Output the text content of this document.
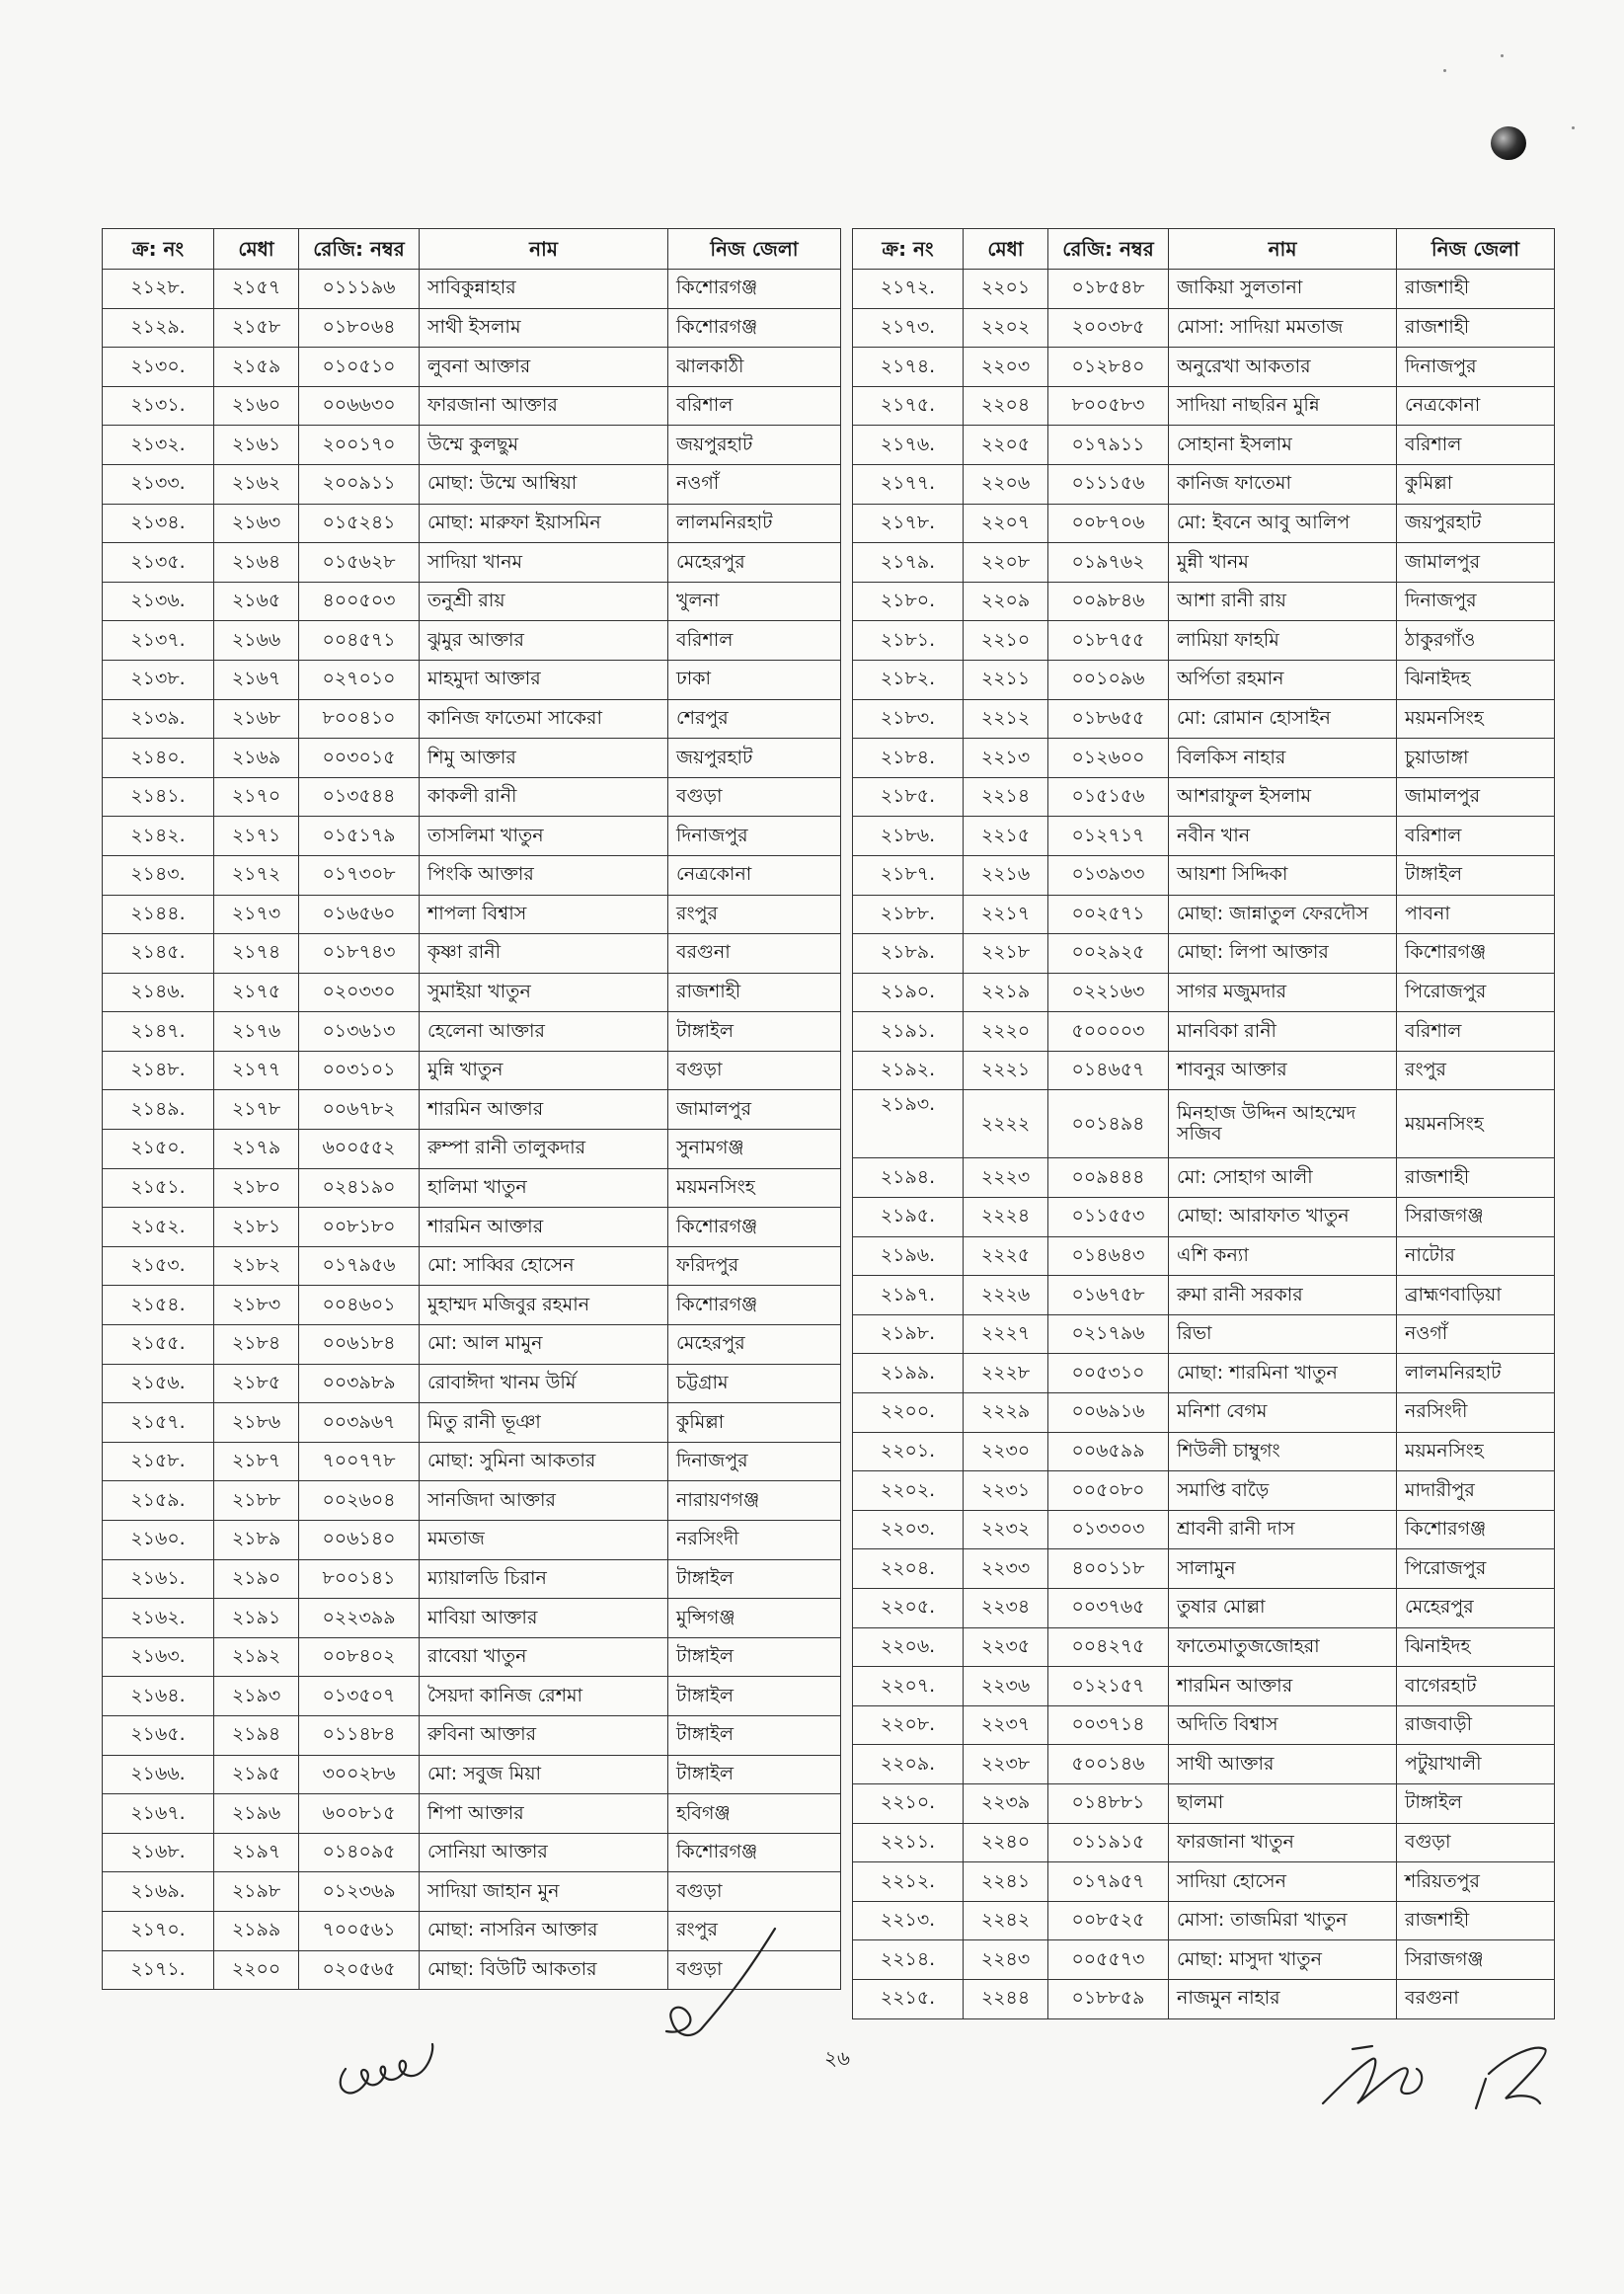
ক্র: নং	মেধা	রেজি: নম্বর	নাম	নিজ জেলা
২১২৮.	২১৫৭	০১১১৯৬	সাবিকুন্নাহার	কিশোরগঞ্জ
২১২৯.	২১৫৮	০১৮০৬৪	সাথী ইসলাম	কিশোরগঞ্জ
২১৩০.	২১৫৯	০১০৫১০	লুবনা আক্তার	ঝালকাঠী
২১৩১.	২১৬০	০০৬৬৩০	ফারজানা আক্তার	বরিশাল
২১৩২.	২১৬১	২০০১৭০	উম্মে কুলছুম	জয়পুরহাট
২১৩৩.	২১৬২	২০০৯১১	মোছা: উম্মে আম্বিয়া	নওগাঁ
২১৩৪.	২১৬৩	০১৫২৪১	মোছা: মারুফা ইয়াসমিন	লালমনিরহাট
২১৩৫.	২১৬৪	০১৫৬২৮	সাদিয়া খানম	মেহেরপুর
২১৩৬.	২১৬৫	৪০০৫০৩	তনুশ্রী রায়	খুলনা
২১৩৭.	২১৬৬	০০৪৫৭১	ঝুমুর আক্তার	বরিশাল
২১৩৮.	২১৬৭	০২৭০১০	মাহমুদা আক্তার	ঢাকা
২১৩৯.	২১৬৮	৮০০৪১০	কানিজ ফাতেমা সাকেরা	শেরপুর
২১৪০.	২১৬৯	০০৩০১৫	শিমু আক্তার	জয়পুরহাট
২১৪১.	২১৭০	০১৩৫৪৪	কাকলী রানী	বগুড়া
২১৪২.	২১৭১	০১৫১৭৯	তাসলিমা খাতুন	দিনাজপুর
২১৪৩.	২১৭২	০১৭৩০৮	পিংকি আক্তার	নেত্রকোনা
২১৪৪.	২১৭৩	০১৬৫৬০	শাপলা বিশ্বাস	রংপুর
২১৪৫.	২১৭৪	০১৮৭৪৩	কৃষ্ণা রানী	বরগুনা
২১৪৬.	২১৭৫	০২০৩৩০	সুমাইয়া খাতুন	রাজশাহী
২১৪৭.	২১৭৬	০১৩৬১৩	হেলেনা আক্তার	টাঙ্গাইল
২১৪৮.	২১৭৭	০০৩১০১	মুন্নি খাতুন	বগুড়া
২১৪৯.	২১৭৮	০০৬৭৮২	শারমিন আক্তার	জামালপুর
২১৫০.	২১৭৯	৬০০৫৫২	রুম্পা রানী তালুকদার	সুনামগঞ্জ
২১৫১.	২১৮০	০২৪১৯০	হালিমা খাতুন	ময়মনসিংহ
২১৫২.	২১৮১	০০৮১৮০	শারমিন আক্তার	কিশোরগঞ্জ
২১৫৩.	২১৮২	০১৭৯৫৬	মো: সাব্বির হোসেন	ফরিদপুর
২১৫৪.	২১৮৩	০০৪৬০১	মুহাম্মদ মজিবুর রহমান	কিশোরগঞ্জ
২১৫৫.	২১৮৪	০০৬১৮৪	মো: আল মামুন	মেহেরপুর
২১৫৬.	২১৮৫	০০৩৯৮৯	রোবাঈদা খানম উর্মি	চট্টগ্রাম
২১৫৭.	২১৮৬	০০৩৯৬৭	মিতু রানী ভূঞা	কুমিল্লা
২১৫৮.	২১৮৭	৭০০৭৭৮	মোছা: সুমিনা আকতার	দিনাজপুর
২১৫৯.	২১৮৮	০০২৬০৪	সানজিদা আক্তার	নারায়ণগঞ্জ
২১৬০.	২১৮৯	০০৬১৪০	মমতাজ	নরসিংদী
২১৬১.	২১৯০	৮০০১৪১	ম্যায়ালডি চিরান	টাঙ্গাইল
২১৬২.	২১৯১	০২২৩৯৯	মাবিয়া আক্তার	মুন্সিগঞ্জ
২১৬৩.	২১৯২	০০৮৪০২	রাবেয়া খাতুন	টাঙ্গাইল
২১৬৪.	২১৯৩	০১৩৫০৭	সৈয়দা কানিজ রেশমা	টাঙ্গাইল
২১৬৫.	২১৯৪	০১১৪৮৪	রুবিনা আক্তার	টাঙ্গাইল
২১৬৬.	২১৯৫	৩০০২৮৬	মো: সবুজ মিয়া	টাঙ্গাইল
২১৬৭.	২১৯৬	৬০০৮১৫	শিপা আক্তার	হবিগঞ্জ
২১৬৮.	২১৯৭	০১৪০৯৫	সোনিয়া আক্তার	কিশোরগঞ্জ
২১৬৯.	২১৯৮	০১২৩৬৯	সাদিয়া জাহান মুন	বগুড়া
২১৭০.	২১৯৯	৭০০৫৬১	মোছা: নাসরিন আক্তার	রংপুর
২১৭১.	২২০০	০২০৫৬৫	মোছা: বিউটি আকতার	বগুড়া
ক্র: নং	মেধা	রেজি: নম্বর	নাম	নিজ জেলা
২১৭২.	২২০১	০১৮৫৪৮	জাকিয়া সুলতানা	রাজশাহী
২১৭৩.	২২০২	২০০৩৮৫	মোসা: সাদিয়া মমতাজ	রাজশাহী
২১৭৪.	২২০৩	০১২৮৪০	অনুরেখা আকতার	দিনাজপুর
২১৭৫.	২২০৪	৮০০৫৮৩	সাদিয়া নাছরিন মুন্নি	নেত্রকোনা
২১৭৬.	২২০৫	০১৭৯১১	সোহানা ইসলাম	বরিশাল
২১৭৭.	২২০৬	০১১১৫৬	কানিজ ফাতেমা	কুমিল্লা
২১৭৮.	২২০৭	০০৮৭০৬	মো: ইবনে আবু আলিপ	জয়পুরহাট
২১৭৯.	২২০৮	০১৯৭৬২	মুন্নী খানম	জামালপুর
২১৮০.	২২০৯	০০৯৮৪৬	আশা রানী রায়	দিনাজপুর
২১৮১.	২২১০	০১৮৭৫৫	লামিয়া ফাহমি	ঠাকুরগাঁও
২১৮২.	২২১১	০০১০৯৬	অর্পিতা রহমান	ঝিনাইদহ
২১৮৩.	২২১২	০১৮৬৫৫	মো: রোমান হোসাইন	ময়মনসিংহ
২১৮৪.	২২১৩	০১২৬০০	বিলকিস নাহার	চুয়াডাঙ্গা
২১৮৫.	২২১৪	০১৫১৫৬	আশরাফুল ইসলাম	জামালপুর
২১৮৬.	২২১৫	০১২৭১৭	নবীন খান	বরিশাল
২১৮৭.	২২১৬	০১৩৯৩৩	আয়শা সিদ্দিকা	টাঙ্গাইল
২১৮৮.	২২১৭	০০২৫৭১	মোছা: জান্নাতুল ফেরদৌস	পাবনা
২১৮৯.	২২১৮	০০২৯২৫	মোছা: লিপা আক্তার	কিশোরগঞ্জ
২১৯০.	২২১৯	০২২১৬৩	সাগর মজুমদার	পিরোজপুর
২১৯১.	২২২০	৫০০০০৩	মানবিকা রানী	বরিশাল
২১৯২.	২২২১	০১৪৬৫৭	শাবনুর আক্তার	রংপুর
২১৯৩.	২২২২	০০১৪৯৪	মিনহাজ উদ্দিন আহম্মেদ সজিব	ময়মনসিংহ
২১৯৪.	২২২৩	০০৯৪৪৪	মো: সোহাগ আলী	রাজশাহী
২১৯৫.	২২২৪	০১১৫৫৩	মোছা: আরাফাত খাতুন	সিরাজগঞ্জ
২১৯৬.	২২২৫	০১৪৬৪৩	এশি কন্যা	নাটোর
২১৯৭.	২২২৬	০১৬৭৫৮	রুমা রানী সরকার	ব্রাহ্মণবাড়িয়া
২১৯৮.	২২২৭	০২১৭৯৬	রিভা	নওগাঁ
২১৯৯.	২২২৮	০০৫৩১০	মোছা: শারমিনা খাতুন	লালমনিরহাট
২২০০.	২২২৯	০০৬৯১৬	মনিশা বেগম	নরসিংদী
২২০১.	২২৩০	০০৬৫৯৯	শিউলী চাম্বুগং	ময়মনসিংহ
২২০২.	২২৩১	০০৫০৮০	সমাপ্তি বাড়ৈ	মাদারীপুর
২২০৩.	২২৩২	০১৩৩০৩	শ্রাবনী রানী দাস	কিশোরগঞ্জ
২২০৪.	২২৩৩	৪০০১১৮	সালামুন	পিরোজপুর
২২০৫.	২২৩৪	০০৩৭৬৫	তুষার মোল্লা	মেহেরপুর
২২০৬.	২২৩৫	০০৪২৭৫	ফাতেমাতুজজোহরা	ঝিনাইদহ
২২০৭.	২২৩৬	০১২১৫৭	শারমিন আক্তার	বাগেরহাট
২২০৮.	২২৩৭	০০৩৭১৪	অদিতি বিশ্বাস	রাজবাড়ী
২২০৯.	২২৩৮	৫০০১৪৬	সাথী আক্তার	পটুয়াখালী
২২১০.	২২৩৯	০১৪৮৮১	ছালমা	টাঙ্গাইল
২২১১.	২২৪০	০১১৯১৫	ফারজানা খাতুন	বগুড়া
২২১২.	২২৪১	০১৭৯৫৭	সাদিয়া হোসেন	শরিয়তপুর
২২১৩.	২২৪২	০০৮৫২৫	মোসা: তাজমিরা খাতুন	রাজশাহী
২২১৪.	২২৪৩	০০৫৫৭৩	মোছা: মাসুদা খাতুন	সিরাজগঞ্জ
২২১৫.	২২৪৪	০১৮৮৫৯	নাজমুন নাহার	বরগুনা
২৬
